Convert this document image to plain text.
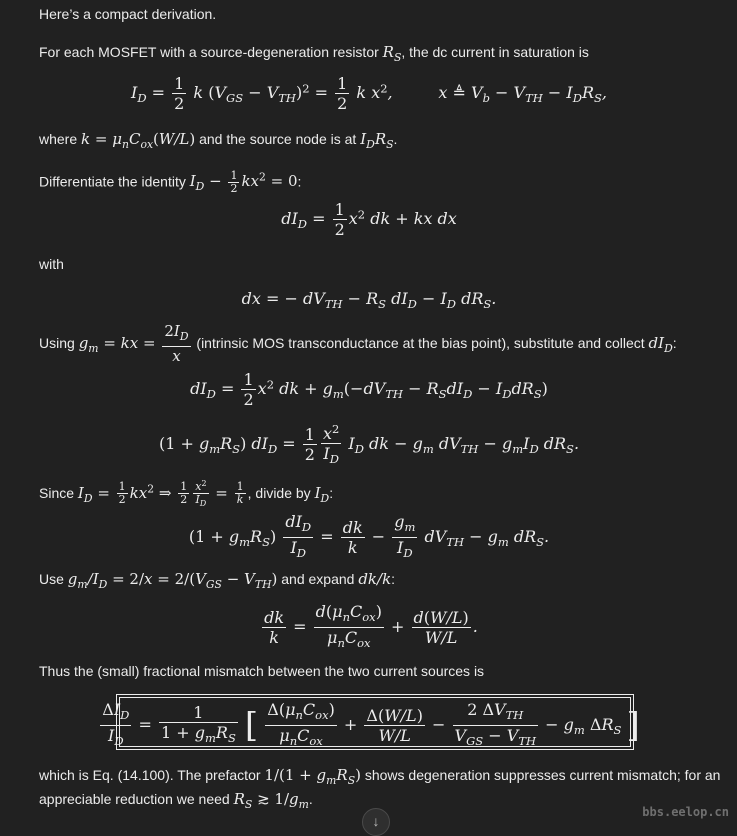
Here’s a compact derivation.
For each MOSFET with a source-degeneration resistor $R_S$, the dc current in saturation is
$I_D = \frac{1}{2}$ k $(V_{GS} - V_{TH})^2 = \frac{1}{2}$ k $x^2$,         x ≜ $V_b - V_{TH} - I_DR_S$,
where $k = \mu_nC_{ox}(W/L)$ and the source node is at $I_DR_S$.
Differentiate the identity $I_D - \frac{1}{2} kx^2 = 0$:
$dI_D = \frac{1}{2} x^2$ dk + kx dx
with
dx = − $dV_{TH} - R_S$ $dI_D - I_D$ $dR_S$.
Using $g_m$ = kx = $\frac{2I_D}{x}$ (intrinsic MOS transconductance at the bias point), substitute and collect $dI_D$:
$dI_D = \frac{1}{2} x^2$ dk + $g_m(-dV_{TH} - R_SdI_D - I_DdR_S)$
$(1 + g_mR_S)$ $dI_D = \frac{1}{2} \frac{x^2}{I_D} I_D$ dk − $g_m$ $dV_{TH} - g_mI_D$ $dR_S$.
Since $I_D = \frac{1}{2} kx^2$ ⇒ $\frac{1}{2} \frac{x^2}{I_D} = \frac{1}{k}$ , divide by $I_D$:
$(1 + g_mR_S) \frac{dI_D}{I_D} = \frac{dk}{k} - \frac{g_m}{I_D} dV_{TH} - g_m$ $dR_S$.
Use $g_m/I_D = 2/x = 2/(V_{GS} - V_{TH})$ and expand dk/k:
$\frac{dk}{k} = \frac{d(\mu_nC_{ox})}{\mu_nC_{ox}} + \frac{d(W/L)}{W/L}$ .
Thus the (small) fractional mismatch between the two current sources is
$\frac{\Delta I_D}{I_D} = \frac{1}{1 + g_mR_S}$ [ $\frac{\Delta(\mu_nC_{ox})}{\mu_nC_{ox}} + \frac{\Delta(W/L)}{W/L} - \frac{2 \Delta V_{TH}}{V_{GS} - V_{TH}} - g_m$ $\Delta R_S$ ]
which is Eq. (14.100). The prefactor $1/(1 + g_mR_S)$ shows degeneration suppresses current mismatch; for an
appreciable reduction we need $R_S$ ≳ $1/g_m$.
↓
bbs.eelop.cn
